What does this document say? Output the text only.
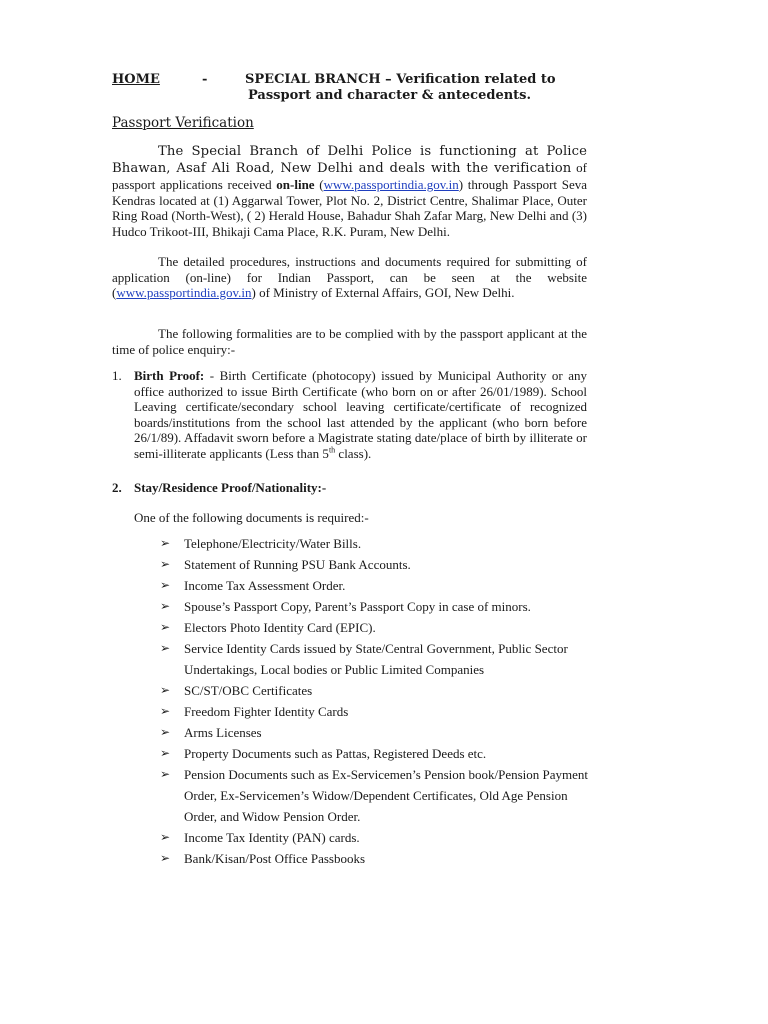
HOME	-	SPECIAL BRANCH – Verification related to
Passport and character & antecedents.
Passport Verification
The Special Branch of Delhi Police is functioning at Police Bhawan, Asaf Ali Road, New Delhi and deals with the verification of passport applications received on-line (www.passportindia.gov.in) through Passport Seva Kendras located at (1) Aggarwal Tower, Plot No. 2, District Centre, Shalimar Place, Outer Ring Road (North-West), ( 2) Herald House, Bahadur Shah Zafar Marg, New Delhi and (3) Hudco Trikoot-III, Bhikaji Cama Place, R.K. Puram, New Delhi.
The detailed procedures, instructions and documents required for submitting of application (on-line) for Indian Passport, can be seen at the website (www.passportindia.gov.in) of Ministry of External Affairs, GOI, New Delhi.
The following formalities are to be complied with by the passport applicant at the time of police enquiry:-
1. Birth Proof: - Birth Certificate (photocopy) issued by Municipal Authority or any office authorized to issue Birth Certificate (who born on or after 26/01/1989). School Leaving certificate/secondary school leaving certificate/certificate of recognized boards/institutions from the school last attended by the applicant (who born before 26/1/89). Affadavit sworn before a Magistrate stating date/place of birth by illiterate or semi-illiterate applicants (Less than 5th class).
2. Stay/Residence Proof/Nationality:-
One of the following documents is required:-
➢ Telephone/Electricity/Water Bills.
➢ Statement of Running PSU Bank Accounts.
➢ Income Tax Assessment Order.
➢ Spouse’s Passport Copy, Parent’s Passport Copy in case of minors.
➢ Electors Photo Identity Card (EPIC).
➢ Service Identity Cards issued by State/Central Government, Public Sector Undertakings, Local bodies or Public Limited Companies
➢ SC/ST/OBC Certificates
➢ Freedom Fighter Identity Cards
➢ Arms Licenses
➢ Property Documents such as Pattas, Registered Deeds etc.
➢ Pension Documents such as Ex-Servicemen’s Pension book/Pension Payment Order, Ex-Servicemen’s Widow/Dependent Certificates, Old Age Pension Order, and Widow Pension Order.
➢ Income Tax Identity (PAN) cards.
➢ Bank/Kisan/Post Office Passbooks
